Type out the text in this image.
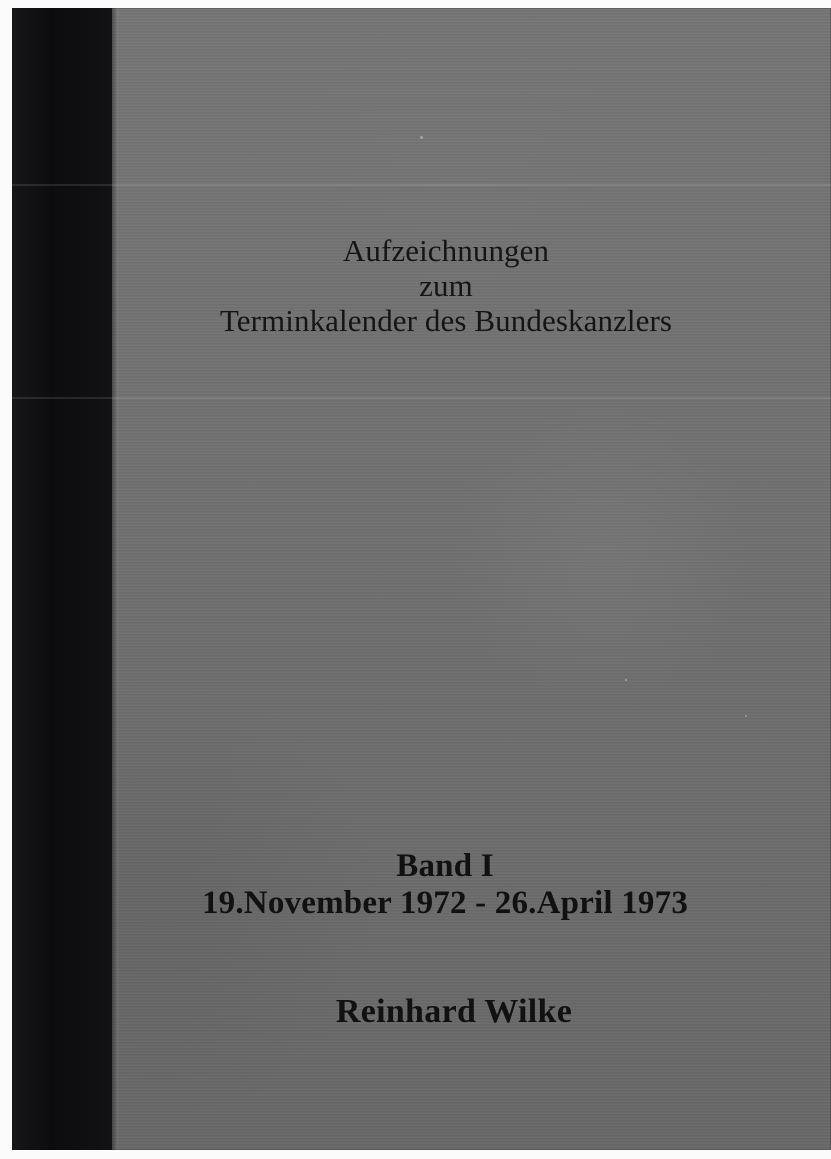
Aufzeichnungen
zum
Terminkalender des Bundeskanzlers
Band I
19.November 1972 - 26.April 1973
Reinhard Wilke
